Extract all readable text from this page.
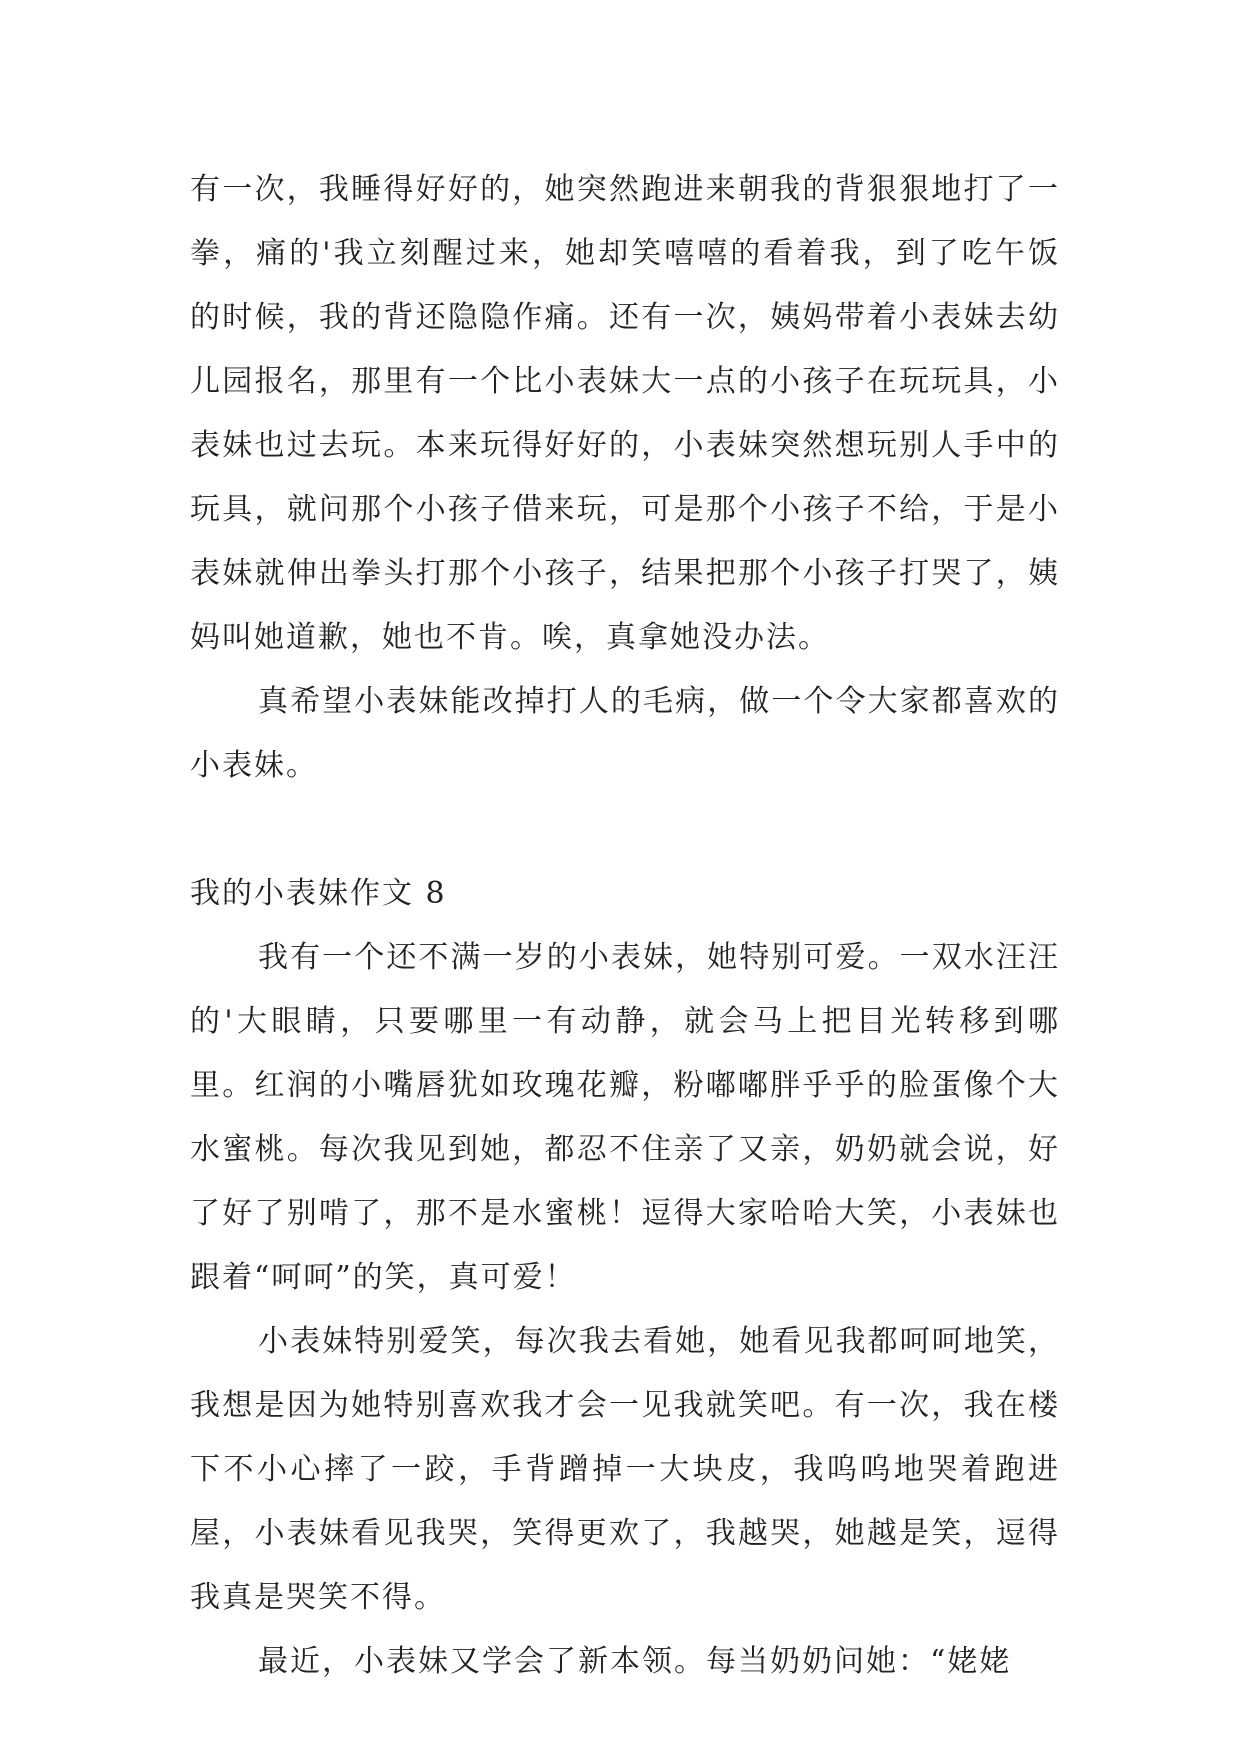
有一次，我睡得好好的，她突然跑进来朝我的背狠狠地打了一拳，痛的'我立刻醒过来，她却笑嘻嘻的看着我，到了吃午饭的时候，我的背还隐隐作痛。还有一次，姨妈带着小表妹去幼儿园报名，那里有一个比小表妹大一点的小孩子在玩玩具，小表妹也过去玩。本来玩得好好的，小表妹突然想玩别人手中的玩具，就问那个小孩子借来玩，可是那个小孩子不给，于是小表妹就伸出拳头打那个小孩子，结果把那个小孩子打哭了，姨妈叫她道歉，她也不肯。唉，真拿她没办法。

真希望小表妹能改掉打人的毛病，做一个令大家都喜欢的小表妹。

我的小表妹作文 8

我有一个还不满一岁的小表妹，她特别可爱。一双水汪汪的'大眼睛，只要哪里一有动静，就会马上把目光转移到哪里。红润的小嘴唇犹如玫瑰花瓣，粉嘟嘟胖乎乎的脸蛋像个大水蜜桃。每次我见到她，都忍不住亲了又亲，奶奶就会说，好了好了别啃了，那不是水蜜桃！逗得大家哈哈大笑，小表妹也跟着“呵呵”的笑，真可爱！

小表妹特别爱笑，每次我去看她，她看见我都呵呵地笑，我想是因为她特别喜欢我才会一见我就笑吧。有一次，我在楼下不小心摔了一跤，手背蹭掉一大块皮，我呜呜地哭着跑进屋，小表妹看见我哭，笑得更欢了，我越哭，她越是笑，逗得我真是哭笑不得。

最近，小表妹又学会了新本领。每当奶奶问她：“姥姥
